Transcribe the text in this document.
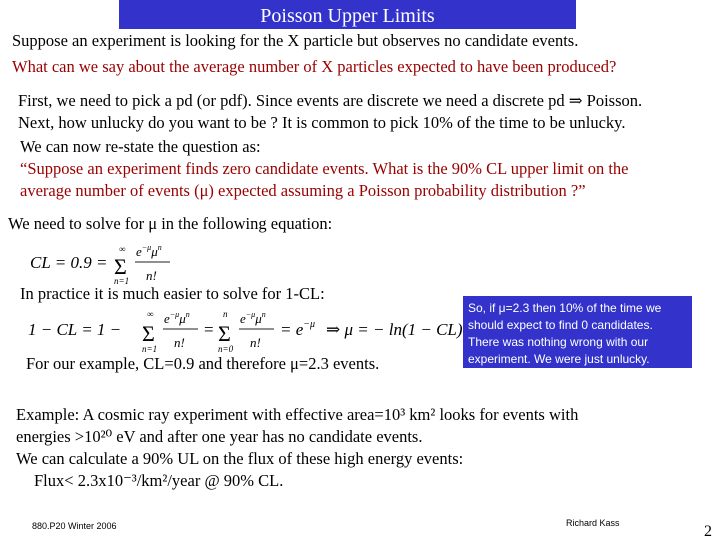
Poisson Upper Limits
Suppose an experiment is looking for the X particle but observes no candidate events.
What can we say about the average number of X particles expected to have been produced?
First, we need to pick a pd (or pdf). Since events are discrete we need a discrete pd ⇒ Poisson.
Next, how unlucky do you want to be ? It is common to pick 10% of the time to be unlucky.
We can now re-state the question as:
“Suppose an experiment finds zero candidate events. What is the 90% CL upper limit on the
average number of events (μ) expected assuming a Poisson probability distribution ?”
We need to solve for μ in the following equation:
CL = 0.9 =
∞
Σ
n=1
$e^{-\mu}\mu^n$
n!
In practice it is much easier to solve for 1-CL:
1 − CL = 1 −
∞
Σ
n=1
$e^{-\mu}\mu^n$
n!
=
n
Σ
n=0
$e^{-\mu}\mu^n$
n!
= $e^{-\mu}$ ⇒ μ = − ln(1 − CL)
For our example, CL=0.9 and therefore μ=2.3 events.
So, if μ=2.3 then 10% of the time we should expect to find 0 candidates. There was nothing wrong with our experiment. We were just unlucky.
Example: A cosmic ray experiment with effective area=10³ km² looks for events with
energies >10²⁰ eV and after one year has no candidate events.
We can calculate a 90% UL on the flux of these high energy events:
Flux< 2.3x10⁻³/km²/year @ 90% CL.
880.P20 Winter 2006	Richard Kass	2
